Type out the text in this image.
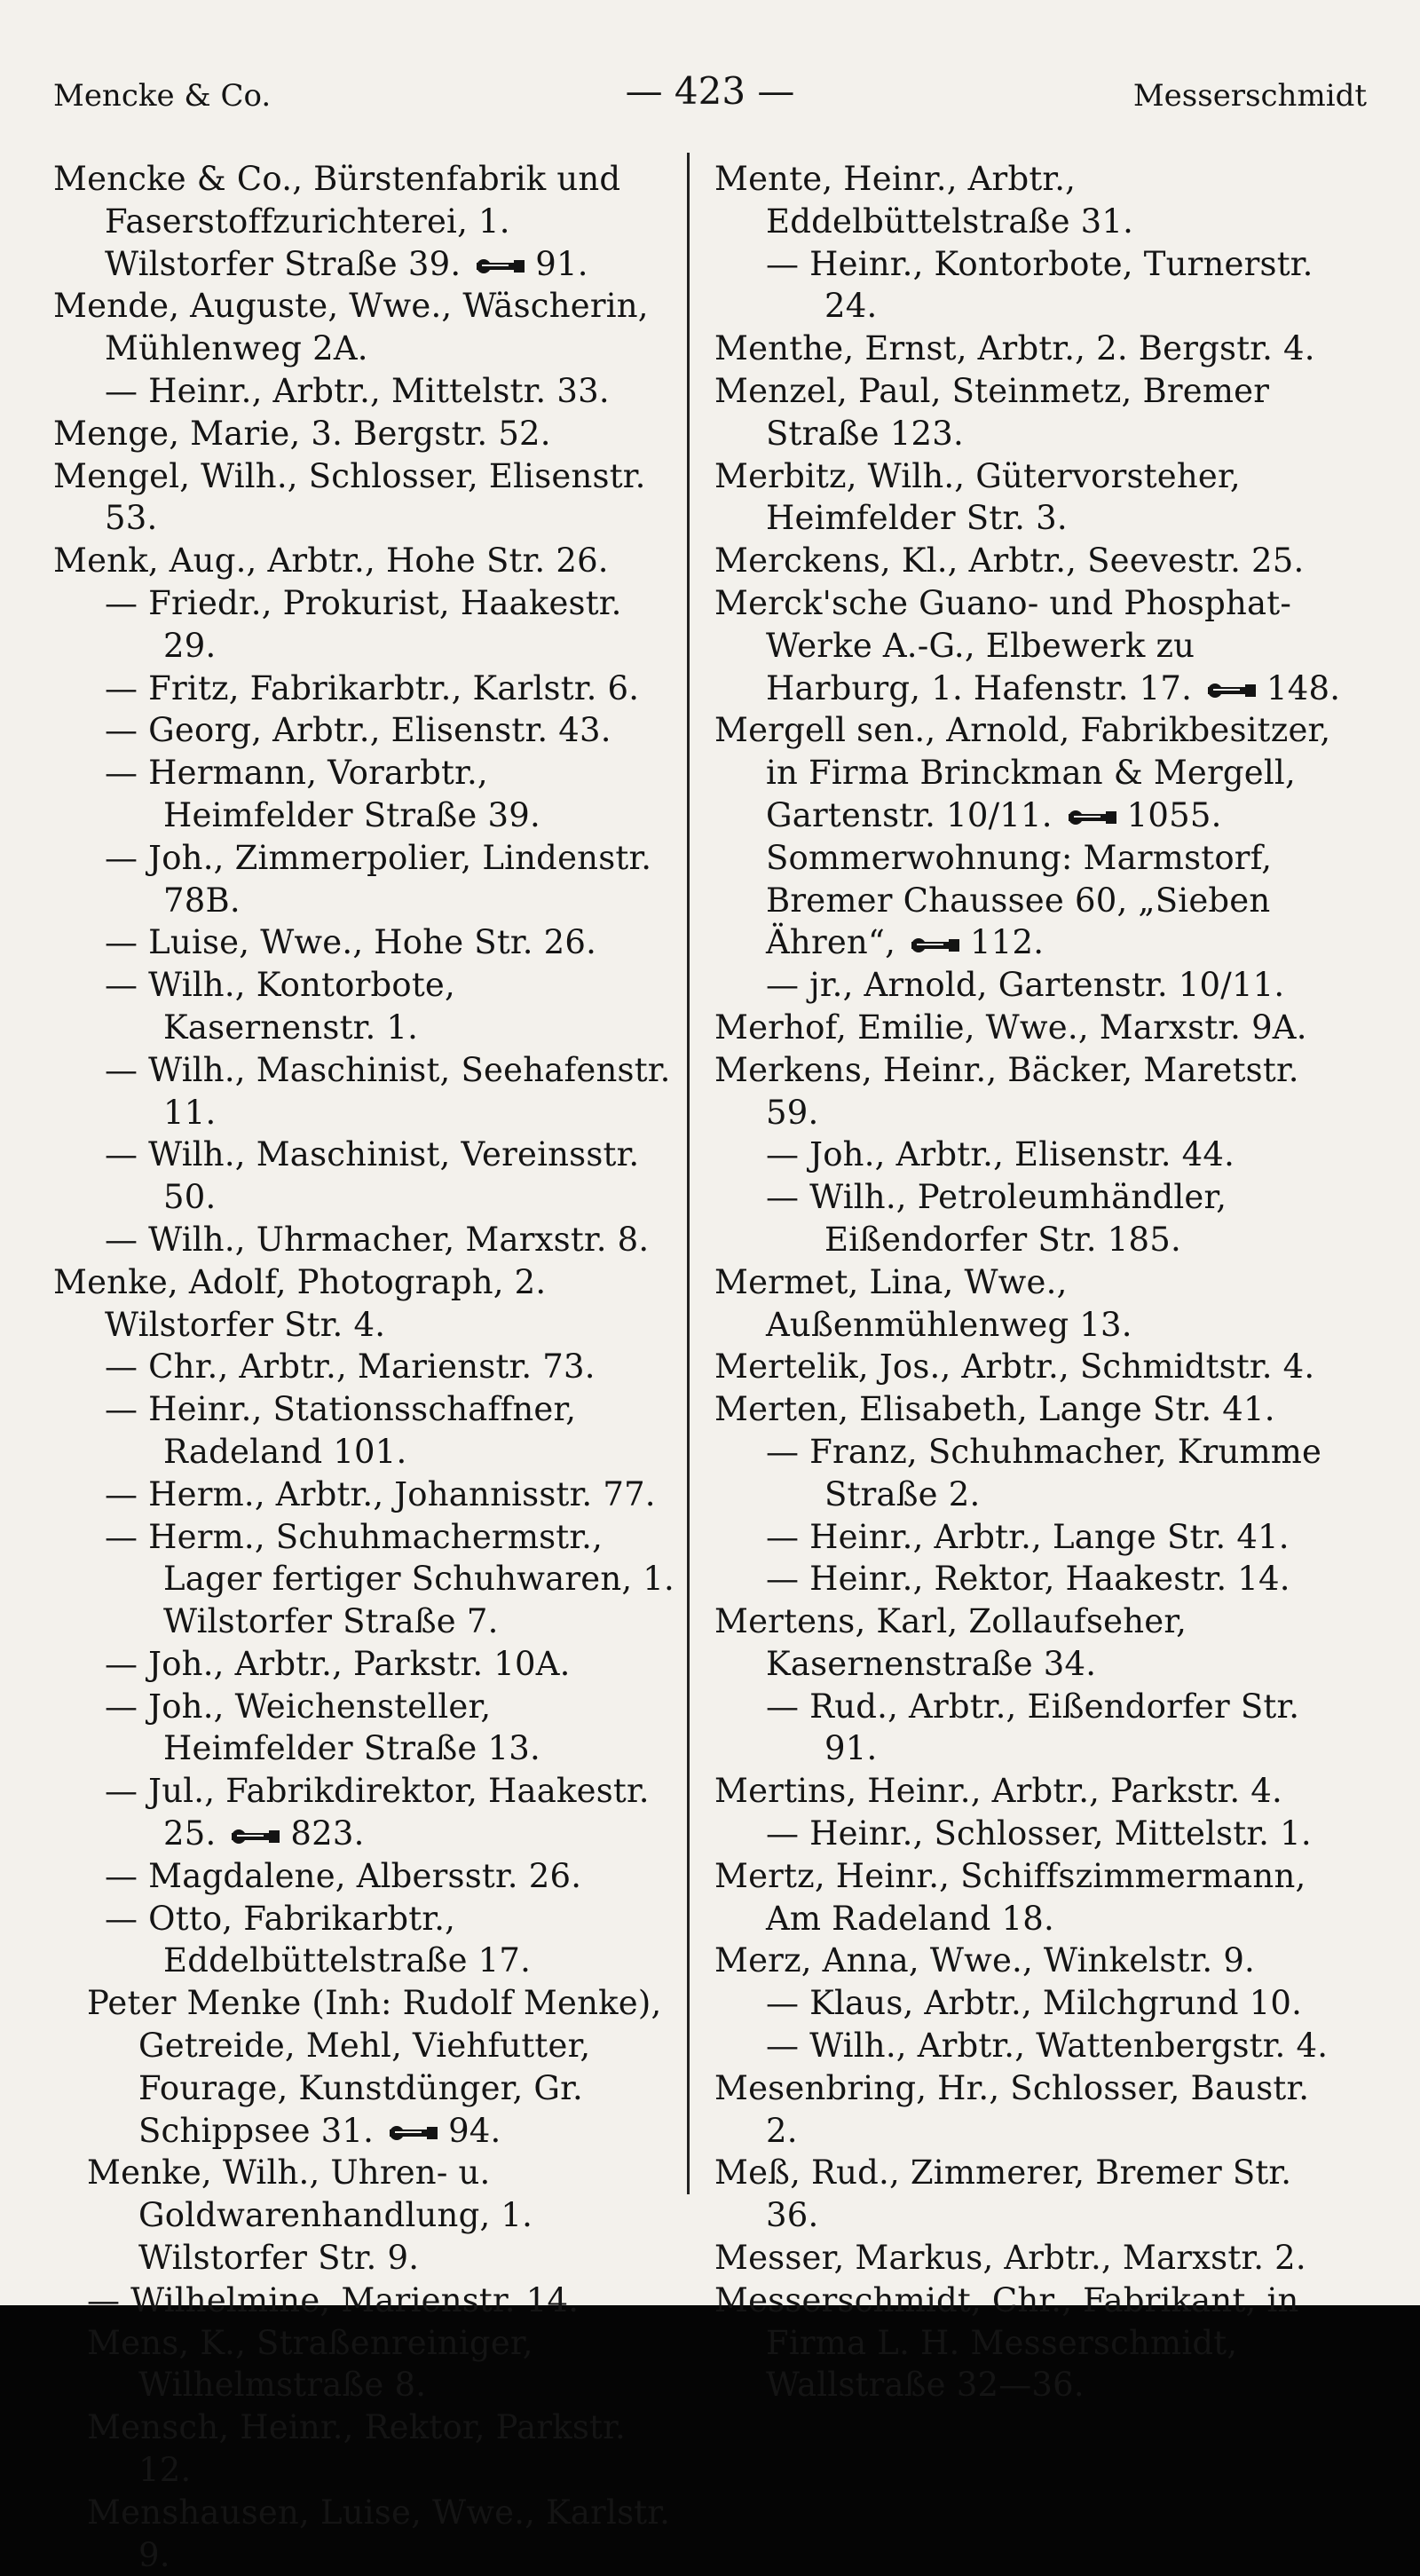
Mencke & Co.	— 423 —	Messerschmidt
Mencke & Co., Bürstenfabrik und Faserstoffzurichterei, 1. Wilstorfer Straße 39. 91.
Mende, Auguste, Wwe., Wäscherin, Mühlenweg 2A.
— Heinr., Arbtr., Mittelstr. 33.
Menge, Marie, 3. Bergstr. 52.
Mengel, Wilh., Schlosser, Elisenstr. 53.
Menk, Aug., Arbtr., Hohe Str. 26.
— Friedr., Prokurist, Haakestr. 29.
— Fritz, Fabrikarbtr., Karlstr. 6.
— Georg, Arbtr., Elisenstr. 43.
— Hermann, Vorarbtr., Heimfelder Straße 39.
— Joh., Zimmerpolier, Lindenstr. 78B.
— Luise, Wwe., Hohe Str. 26.
— Wilh., Kontorbote, Kasernenstr. 1.
— Wilh., Maschinist, Seehafenstr. 11.
— Wilh., Maschinist, Vereinsstr. 50.
— Wilh., Uhrmacher, Marxstr. 8.
Menke, Adolf, Photograph, 2. Wilstorfer Str. 4.
— Chr., Arbtr., Marienstr. 73.
— Heinr., Stationsschaffner, Radeland 101.
— Herm., Arbtr., Johannisstr. 77.
— Herm., Schuhmachermstr., Lager fertiger Schuhwaren, 1. Wilstorfer Straße 7.
— Joh., Arbtr., Parkstr. 10A.
— Joh., Weichensteller, Heimfelder Straße 13.
— Jul., Fabrikdirektor, Haakestr. 25. 823.
— Magdalene, Albersstr. 26.
— Otto, Fabrikarbtr., Eddelbüttelstraße 17.
Peter Menke (Inh: Rudolf Menke), Getreide, Mehl, Viehfutter, Fourage, Kunstdünger, Gr. Schippsee 31. 94.
Menke, Wilh., Uhren- u. Goldwarenhandlung, 1. Wilstorfer Str. 9.
— Wilhelmine, Marienstr. 14.
Mens, K., Straßenreiniger, Wilhelmstraße 8.
Mensch, Heinr., Rektor, Parkstr. 12.
Menshausen, Luise, Wwe., Karlstr. 9.
Mente, Heinr., Arbtr., Eddelbüttelstraße 31.
— Heinr., Kontorbote, Turnerstr. 24.
Menthe, Ernst, Arbtr., 2. Bergstr. 4.
Menzel, Paul, Steinmetz, Bremer Straße 123.
Merbitz, Wilh., Gütervorsteher, Heimfelder Str. 3.
Merckens, Kl., Arbtr., Seevestr. 25.
Merck'sche Guano- und Phosphat-Werke A.-G., Elbewerk zu Harburg, 1. Hafenstr. 17. 148.
Mergell sen., Arnold, Fabrikbesitzer, in Firma Brinckman & Mergell, Gartenstr. 10/11. 1055. Sommerwohnung: Marmstorf, Bremer Chaussee 60, „Sieben Ähren“, 112.
— jr., Arnold, Gartenstr. 10/11.
Merhof, Emilie, Wwe., Marxstr. 9A.
Merkens, Heinr., Bäcker, Maretstr. 59.
— Joh., Arbtr., Elisenstr. 44.
— Wilh., Petroleumhändler, Eißendorfer Str. 185.
Mermet, Lina, Wwe., Außenmühlenweg 13.
Mertelik, Jos., Arbtr., Schmidtstr. 4.
Merten, Elisabeth, Lange Str. 41.
— Franz, Schuhmacher, Krumme Straße 2.
— Heinr., Arbtr., Lange Str. 41.
— Heinr., Rektor, Haakestr. 14.
Mertens, Karl, Zollaufseher, Kasernenstraße 34.
— Rud., Arbtr., Eißendorfer Str. 91.
Mertins, Heinr., Arbtr., Parkstr. 4.
— Heinr., Schlosser, Mittelstr. 1.
Mertz, Heinr., Schiffszimmermann, Am Radeland 18.
Merz, Anna, Wwe., Winkelstr. 9.
— Klaus, Arbtr., Milchgrund 10.
— Wilh., Arbtr., Wattenbergstr. 4.
Mesenbring, Hr., Schlosser, Baustr. 2.
Meß, Rud., Zimmerer, Bremer Str. 36.
Messer, Markus, Arbtr., Marxstr. 2.
Messerschmidt, Chr., Fabrikant, in Firma L. H. Messerschmidt, Wallstraße 32—36.
